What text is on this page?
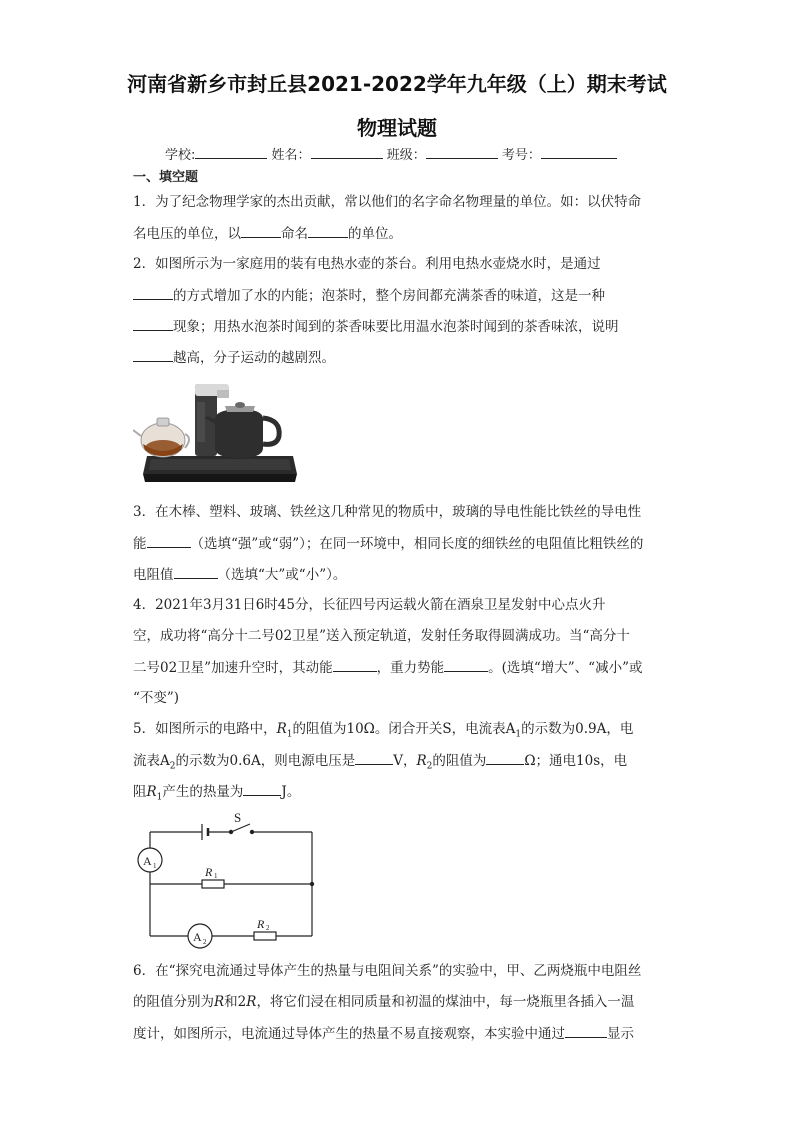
河南省新乡市封丘县2021-2022学年九年级（上）期末考试
物理试题
学校:	姓名：	班级：	考号：
一、填空题
1．为了纪念物理学家的杰出贡献，常以他们的名字命名物理量的单位。如：以伏特命
名电压的单位，以	命名	的单位。
2．如图所示为一家庭用的装有电热水壶的茶台。利用电热水壶烧水时，是通过
的方式增加了水的内能；泡茶时，整个房间都充满茶香的味道，这是一种
现象；用热水泡茶时闻到的茶香味要比用温水泡茶时闻到的茶香味浓，说明
越高，分子运动的越剧烈。
3．在木棒、塑料、玻璃、铁丝这几种常见的物质中，玻璃的导电性能比铁丝的导电性
能	（选填“强”或“弱”）；在同一环境中，相同长度的细铁丝的电阻值比粗铁丝的
电阻值	（选填“大”或“小”）。
4．2021年3月31日6时45分，长征四号丙运载火箭在酒泉卫星发射中心点火升
空，成功将“高分十二号02卫星”送入预定轨道，发射任务取得圆满成功。当“高分十
二号02卫星”加速升空时，其动能	，重力势能	。(选填“增大”、“减小”或
“不变”)
5．如图所示的电路中，$R_1$的阻值为10Ω。闭合开关S，电流表$A_1$的示数为0.9A，电
流表$A_2$的示数为0.6A，则电源电压是	V，$R_2$的阻值为	Ω；通电10s，电
阻$R_1$产生的热量为	J。
S
A 1
A 2
R 1
R 2
6．在“探究电流通过导体产生的热量与电阻间关系”的实验中，甲、乙两烧瓶中电阻丝
的阻值分别为R和2R，将它们浸在相同质量和初温的煤油中，每一烧瓶里各插入一温
度计，如图所示，电流通过导体产生的热量不易直接观察，本实验中通过	显示
